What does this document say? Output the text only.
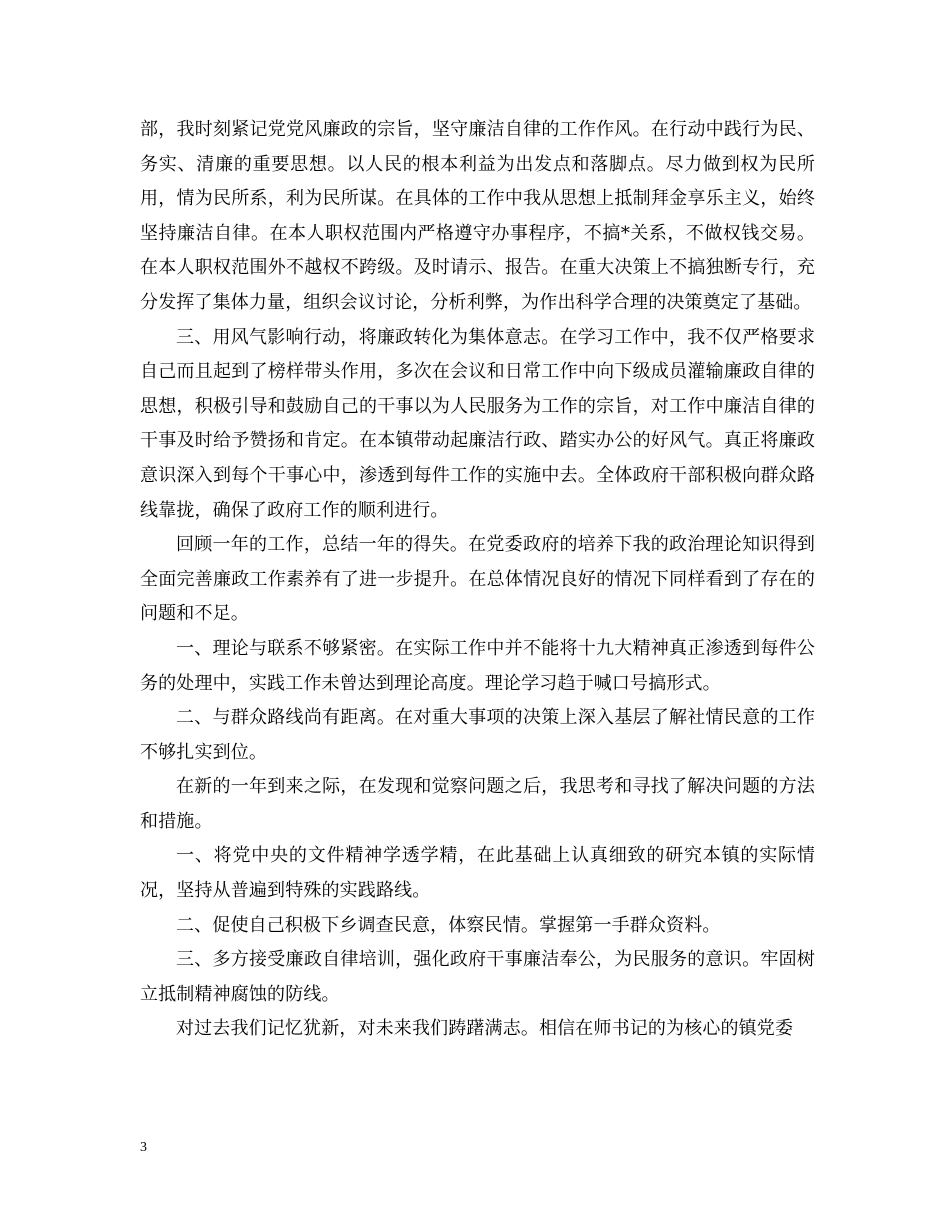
部，我时刻紧记党党风廉政的宗旨，坚守廉洁自律的工作作风。在行动中践行为民、务实、清廉的重要思想。以人民的根本利益为出发点和落脚点。尽力做到权为民所用，情为民所系，利为民所谋。在具体的工作中我从思想上抵制拜金享乐主义，始终坚持廉洁自律。在本人职权范围内严格遵守办事程序，不搞*关系，不做权钱交易。在本人职权范围外不越权不跨级。及时请示、报告。在重大决策上不搞独断专行，充分发挥了集体力量，组织会议讨论，分析利弊，为作出科学合理的决策奠定了基础。

三、用风气影响行动，将廉政转化为集体意志。在学习工作中，我不仅严格要求自己而且起到了榜样带头作用，多次在会议和日常工作中向下级成员灌输廉政自律的思想，积极引导和鼓励自己的干事以为人民服务为工作的宗旨，对工作中廉洁自律的干事及时给予赞扬和肯定。在本镇带动起廉洁行政、踏实办公的好风气。真正将廉政意识深入到每个干事心中，渗透到每件工作的实施中去。全体政府干部积极向群众路线靠拢，确保了政府工作的顺利进行。

回顾一年的工作，总结一年的得失。在党委政府的培养下我的政治理论知识得到全面完善廉政工作素养有了进一步提升。在总体情况良好的情况下同样看到了存在的问题和不足。

一、理论与联系不够紧密。在实际工作中并不能将十九大精神真正渗透到每件公务的处理中，实践工作未曾达到理论高度。理论学习趋于喊口号搞形式。

二、与群众路线尚有距离。在对重大事项的决策上深入基层了解社情民意的工作不够扎实到位。

在新的一年到来之际，在发现和觉察问题之后，我思考和寻找了解决问题的方法和措施。

一、将党中央的文件精神学透学精，在此基础上认真细致的研究本镇的实际情况，坚持从普遍到特殊的实践路线。

二、促使自己积极下乡调查民意，体察民情。掌握第一手群众资料。

三、多方接受廉政自律培训，强化政府干事廉洁奉公，为民服务的意识。牢固树立抵制精神腐蚀的防线。

对过去我们记忆犹新，对未来我们踌躇满志。相信在师书记的为核心的镇党委

3
